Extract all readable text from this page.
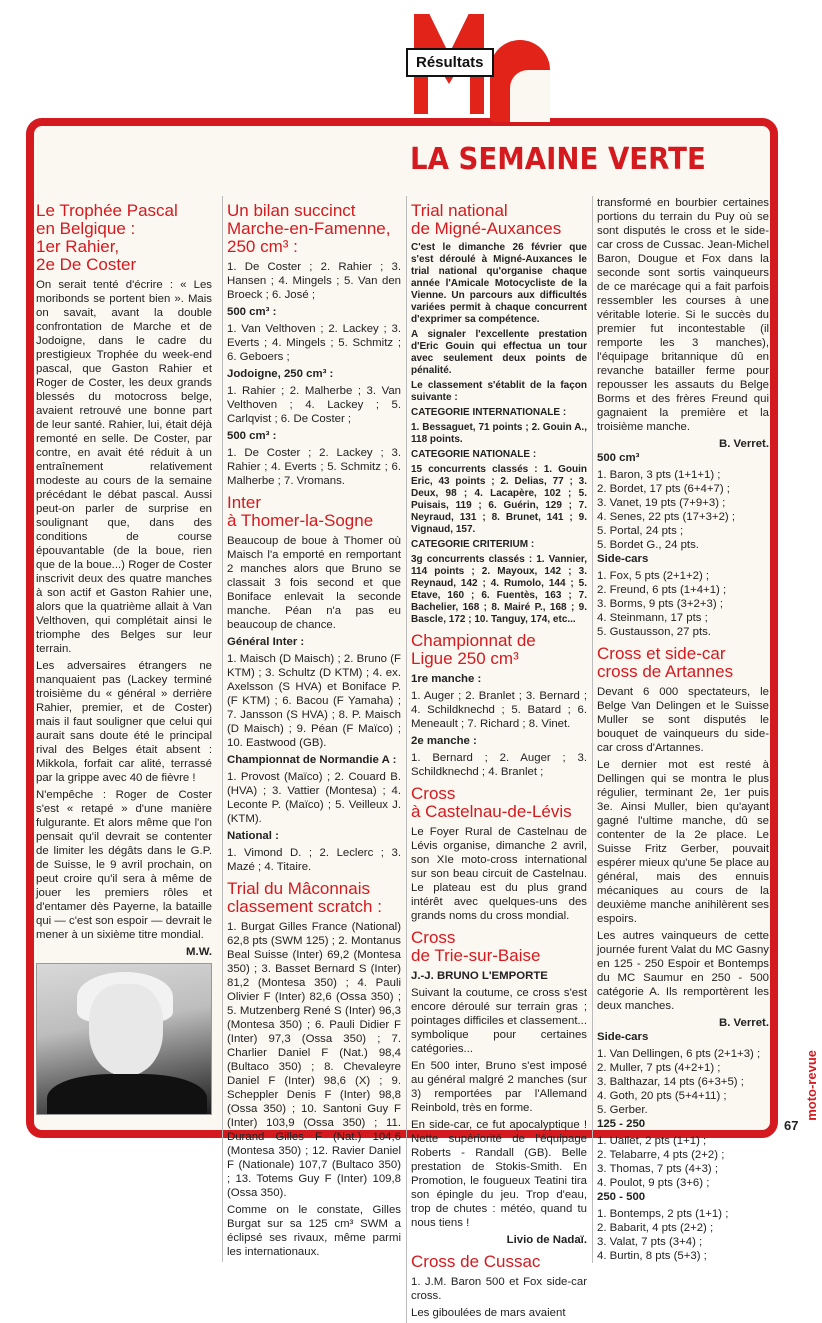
Résultats
LA SEMAINE VERTE
Le Trophée Pascal
en Belgique :
1er Rahier,
2e De Coster

On serait tenté d'écrire : « Les moribonds se portent bien ». Mais on savait, avant la double confrontation de Marche et de Jodoigne, dans le cadre du prestigieux Trophée du week-end pascal, que Gaston Rahier et Roger de Coster, les deux grands blessés du motocross belge, avaient retrouvé une bonne part de leur santé. Rahier, lui, était déjà remonté en selle. De Coster, par contre, en avait été réduit à un entraînement relativement modeste au cours de la semaine précédant le débat pascal. Aussi peut-on parler de surprise en soulignant que, dans des conditions de course épouvantable (de la boue, rien que de la boue...) Roger de Coster inscrivit deux des quatre manches à son actif et Gaston Rahier une, alors que la quatrième allait à Van Velthoven, qui complétait ainsi le triomphe des Belges sur leur terrain.

Les adversaires étrangers ne manquaient pas (Lackey terminé troisième du « général » derrière Rahier, premier, et de Coster) mais il faut souligner que celui qui aurait sans doute été le principal rival des Belges était absent : Mikkola, forfait car alité, terrassé par la grippe avec 40 de fièvre !

N'empêche : Roger de Coster s'est « retapé » d'une manière fulgurante. Et alors même que l'on pensait qu'il devrait se contenter de limiter les dégâts dans le G.P. de Suisse, le 9 avril prochain, on peut croire qu'il sera à même de jouer les premiers rôles et d'entamer dès Payerne, la bataille qui — c'est son espoir — devrait le mener à un sixième titre mondial.

M.W.
Un bilan succinct
Marche-en-Famenne,
250 cm³ :

1. De Coster ; 2. Rahier ; 3. Hansen ; 4. Mingels ; 5. Van den Broeck ; 6. José ;

500 cm³ :

1. Van Velthoven ; 2. Lackey ; 3. Everts ; 4. Mingels ; 5. Schmitz ; 6. Geboers ;

Jodoigne, 250 cm³ :

1. Rahier ; 2. Malherbe ; 3. Van Velthoven ; 4. Lackey ; 5. Carlqvist ; 6. De Coster ;

500 cm³ :

1. De Coster ; 2. Lackey ; 3. Rahier ; 4. Everts ; 5. Schmitz ; 6. Malherbe ; 7. Vromans.

Inter
à Thomer-la-Sogne

Beaucoup de boue à Thomer où Maisch l'a emporté en remportant 2 manches alors que Bruno se classait 3 fois second et que Boniface enlevait la seconde manche. Péan n'a pas eu beaucoup de chance.

Général Inter :

1. Maisch (D Maisch) ; 2. Bruno (F KTM) ; 3. Schultz (D KTM) ; 4. ex. Axelsson (S HVA) et Boniface P. (F KTM) ; 6. Bacou (F Yamaha) ; 7. Jansson (S HVA) ; 8. P. Maisch (D Maisch) ; 9. Péan (F Maïco) ; 10. Eastwood (GB).

Championnat de Normandie A :

1. Provost (Maïco) ; 2. Couard B. (HVA) ; 3. Vattier (Montesa) ; 4. Leconte P. (Maïco) ; 5. Veilleux J. (KTM).

National :

1. Vimond D. ; 2. Leclerc ; 3. Mazé ; 4. Titaire.

Trial du Mâconnais
classement scratch :

1. Burgat Gilles France (National) 62,8 pts (SWM 125) ; 2. Montanus Beal Suisse (Inter) 69,2 (Montesa 350) ; 3. Basset Bernard S (Inter) 81,2 (Montesa 350) ; 4. Pauli Olivier F (Inter) 82,6 (Ossa 350) ; 5. Mutzenberg René S (Inter) 96,3 (Montesa 350) ; 6. Pauli Didier F (Inter) 97,3 (Ossa 350) ; 7. Charlier Daniel F (Nat.) 98,4 (Bultaco 350) ; 8. Chevaleyre Daniel F (Inter) 98,6 (X) ; 9. Scheppler Denis F (Inter) 98,8 (Ossa 350) ; 10. Santoni Guy F (Inter) 103,9 (Ossa 350) ; 11. Durand Gilles F (Nat.) 104,6 (Montesa 350) ; 12. Ravier Daniel F (Nationale) 107,7 (Bultaco 350) ; 13. Totems Guy F (Inter) 109,8 (Ossa 350).

Comme on le constate, Gilles Burgat sur sa 125 cm³ SWM a éclipsé ses rivaux, même parmi les internationaux.

Trial national
de Migné-Auxances

C'est le dimanche 26 février que s'est déroulé à Migné-Auxances le trial national qu'organise chaque année l'Amicale Motocycliste de la Vienne. Un parcours aux difficultés variées permit à chaque concurrent d'exprimer sa compétence.

A signaler l'excellente prestation d'Eric Gouin qui effectua un tour avec seulement deux points de pénalité.

Le classement s'établit de la façon suivante :

CATEGORIE INTERNATIONALE :

1. Bessaguet, 71 points ; 2. Gouin A., 118 points.

CATEGORIE NATIONALE :

15 concurrents classés : 1. Gouin Eric, 43 points ; 2. Delias, 77 ; 3. Deux, 98 ; 4. Lacapère, 102 ; 5. Puisais, 119 ; 6. Guérin, 129 ; 7. Neyraud, 131 ; 8. Brunet, 141 ; 9. Vignaud, 157.

CATEGORIE CRITERIUM :

3g concurrents classés : 1. Vannier, 114 points ; 2. Mayoux, 142 ; 3. Reynaud, 142 ; 4. Rumolo, 144 ; 5. Etave, 160 ; 6. Fuentès, 163 ; 7. Bachelier, 168 ; 8. Mairé P., 168 ; 9. Bascle, 172 ; 10. Tanguy, 174, etc...

Championnat de
Ligue 250 cm³

1re manche :

1. Auger ; 2. Branlet ; 3. Bernard ; 4. Schildknechd ; 5. Batard ; 6. Meneault ; 7. Richard ; 8. Vinet.

2e manche :

1. Bernard ; 2. Auger ; 3. Schildknechd ; 4. Branlet ;

Cross
à Castelnau-de-Lévis

Le Foyer Rural de Castelnau de Lévis organise, dimanche 2 avril, son XIe moto-cross international sur son beau circuit de Castelnau. Le plateau est du plus grand intérêt avec quelques-uns des grands noms du cross mondial.

Cross
de Trie-sur-Baise

J.-J. BRUNO L'EMPORTE

Suivant la coutume, ce cross s'est encore déroulé sur terrain gras ; pointages difficiles et classement... symbolique pour certaines catégories...

En 500 inter, Bruno s'est imposé au général malgré 2 manches (sur 3) remportées par l'Allemand Reinbold, très en forme.

En side-car, ce fut apocalyptique ! Nette supériorité de l'équipage Roberts - Randall (GB). Belle prestation de Stokis-Smith. En Promotion, le fougueux Teatini tira son épingle du jeu. Trop d'eau, trop de chutes : météo, quand tu nous tiens !

Livio de Nadaï.
Cross de Cussac

1. J.M. Baron 500 et Fox side-car cross.

Les giboulées de mars avaient

transformé en bourbier certaines portions du terrain du Puy où se sont disputés le cross et le side-car cross de Cussac. Jean-Michel Baron, Dougue et Fox dans la seconde sont sortis vainqueurs de ce marécage qui a fait parfois ressembler les courses à une véritable loterie. Si le succès du premier fut incontestable (il remporte les 3 manches), l'équipage britannique dû en revanche batailler ferme pour repousser les assauts du Belge Borms et des frères Freund qui gagnaient la première et la troisième manche.

B. Verret.

500 cm³

1. Baron, 3 pts (1+1+1) ;
2. Bordet, 17 pts (6+4+7) ;
3. Vanet, 19 pts (7+9+3) ;
4. Senes, 22 pts (17+3+2) ;
5. Portal, 24 pts ;
5. Bordet G., 24 pts.

Side-cars

1. Fox, 5 pts (2+1+2) ;
2. Freund, 6 pts (1+4+1) ;
3. Borms, 9 pts (3+2+3) ;
4. Steinmann, 17 pts ;
5. Gustausson, 27 pts.
Cross et side-car
cross de Artannes

Devant 6 000 spectateurs, le Belge Van Delingen et le Suisse Muller se sont disputés le bouquet de vainqueurs du side-car cross d'Artannes.

Le dernier mot est resté à Dellingen qui se montra le plus régulier, terminant 2e, 1er puis 3e. Ainsi Muller, bien qu'ayant gagné l'ultime manche, dû se contenter de la 2e place. Le Suisse Fritz Gerber, pouvait espérer mieux qu'une 5e place au général, mais des ennuis mécaniques au cours de la deuxième manche anihilèrent ses espoirs.

Les autres vainqueurs de cette journée furent Valat du MC Gasny en 125 - 250 Espoir et Bontemps du MC Saumur en 250 - 500 catégorie A. Ils remportèrent les deux manches.

B. Verret.

Side-cars

1. Van Dellingen, 6 pts (2+1+3) ;
2. Muller, 7 pts (4+2+1) ;
3. Balthazar, 14 pts (6+3+5) ;
4. Goth, 20 pts (5+4+11) ;
5. Gerber.

125 - 250

1. Uallet, 2 pts (1+1) ;
2. Telabarre, 4 pts (2+2) ;
3. Thomas, 7 pts (4+3) ;
4. Poulot, 9 pts (3+6) ;

250 - 500

1. Bontemps, 2 pts (1+1) ;
2. Babarit, 4 pts (2+2) ;
3. Valat, 7 pts (3+4) ;
4. Burtin, 8 pts (5+3) ;
moto-revue
67
